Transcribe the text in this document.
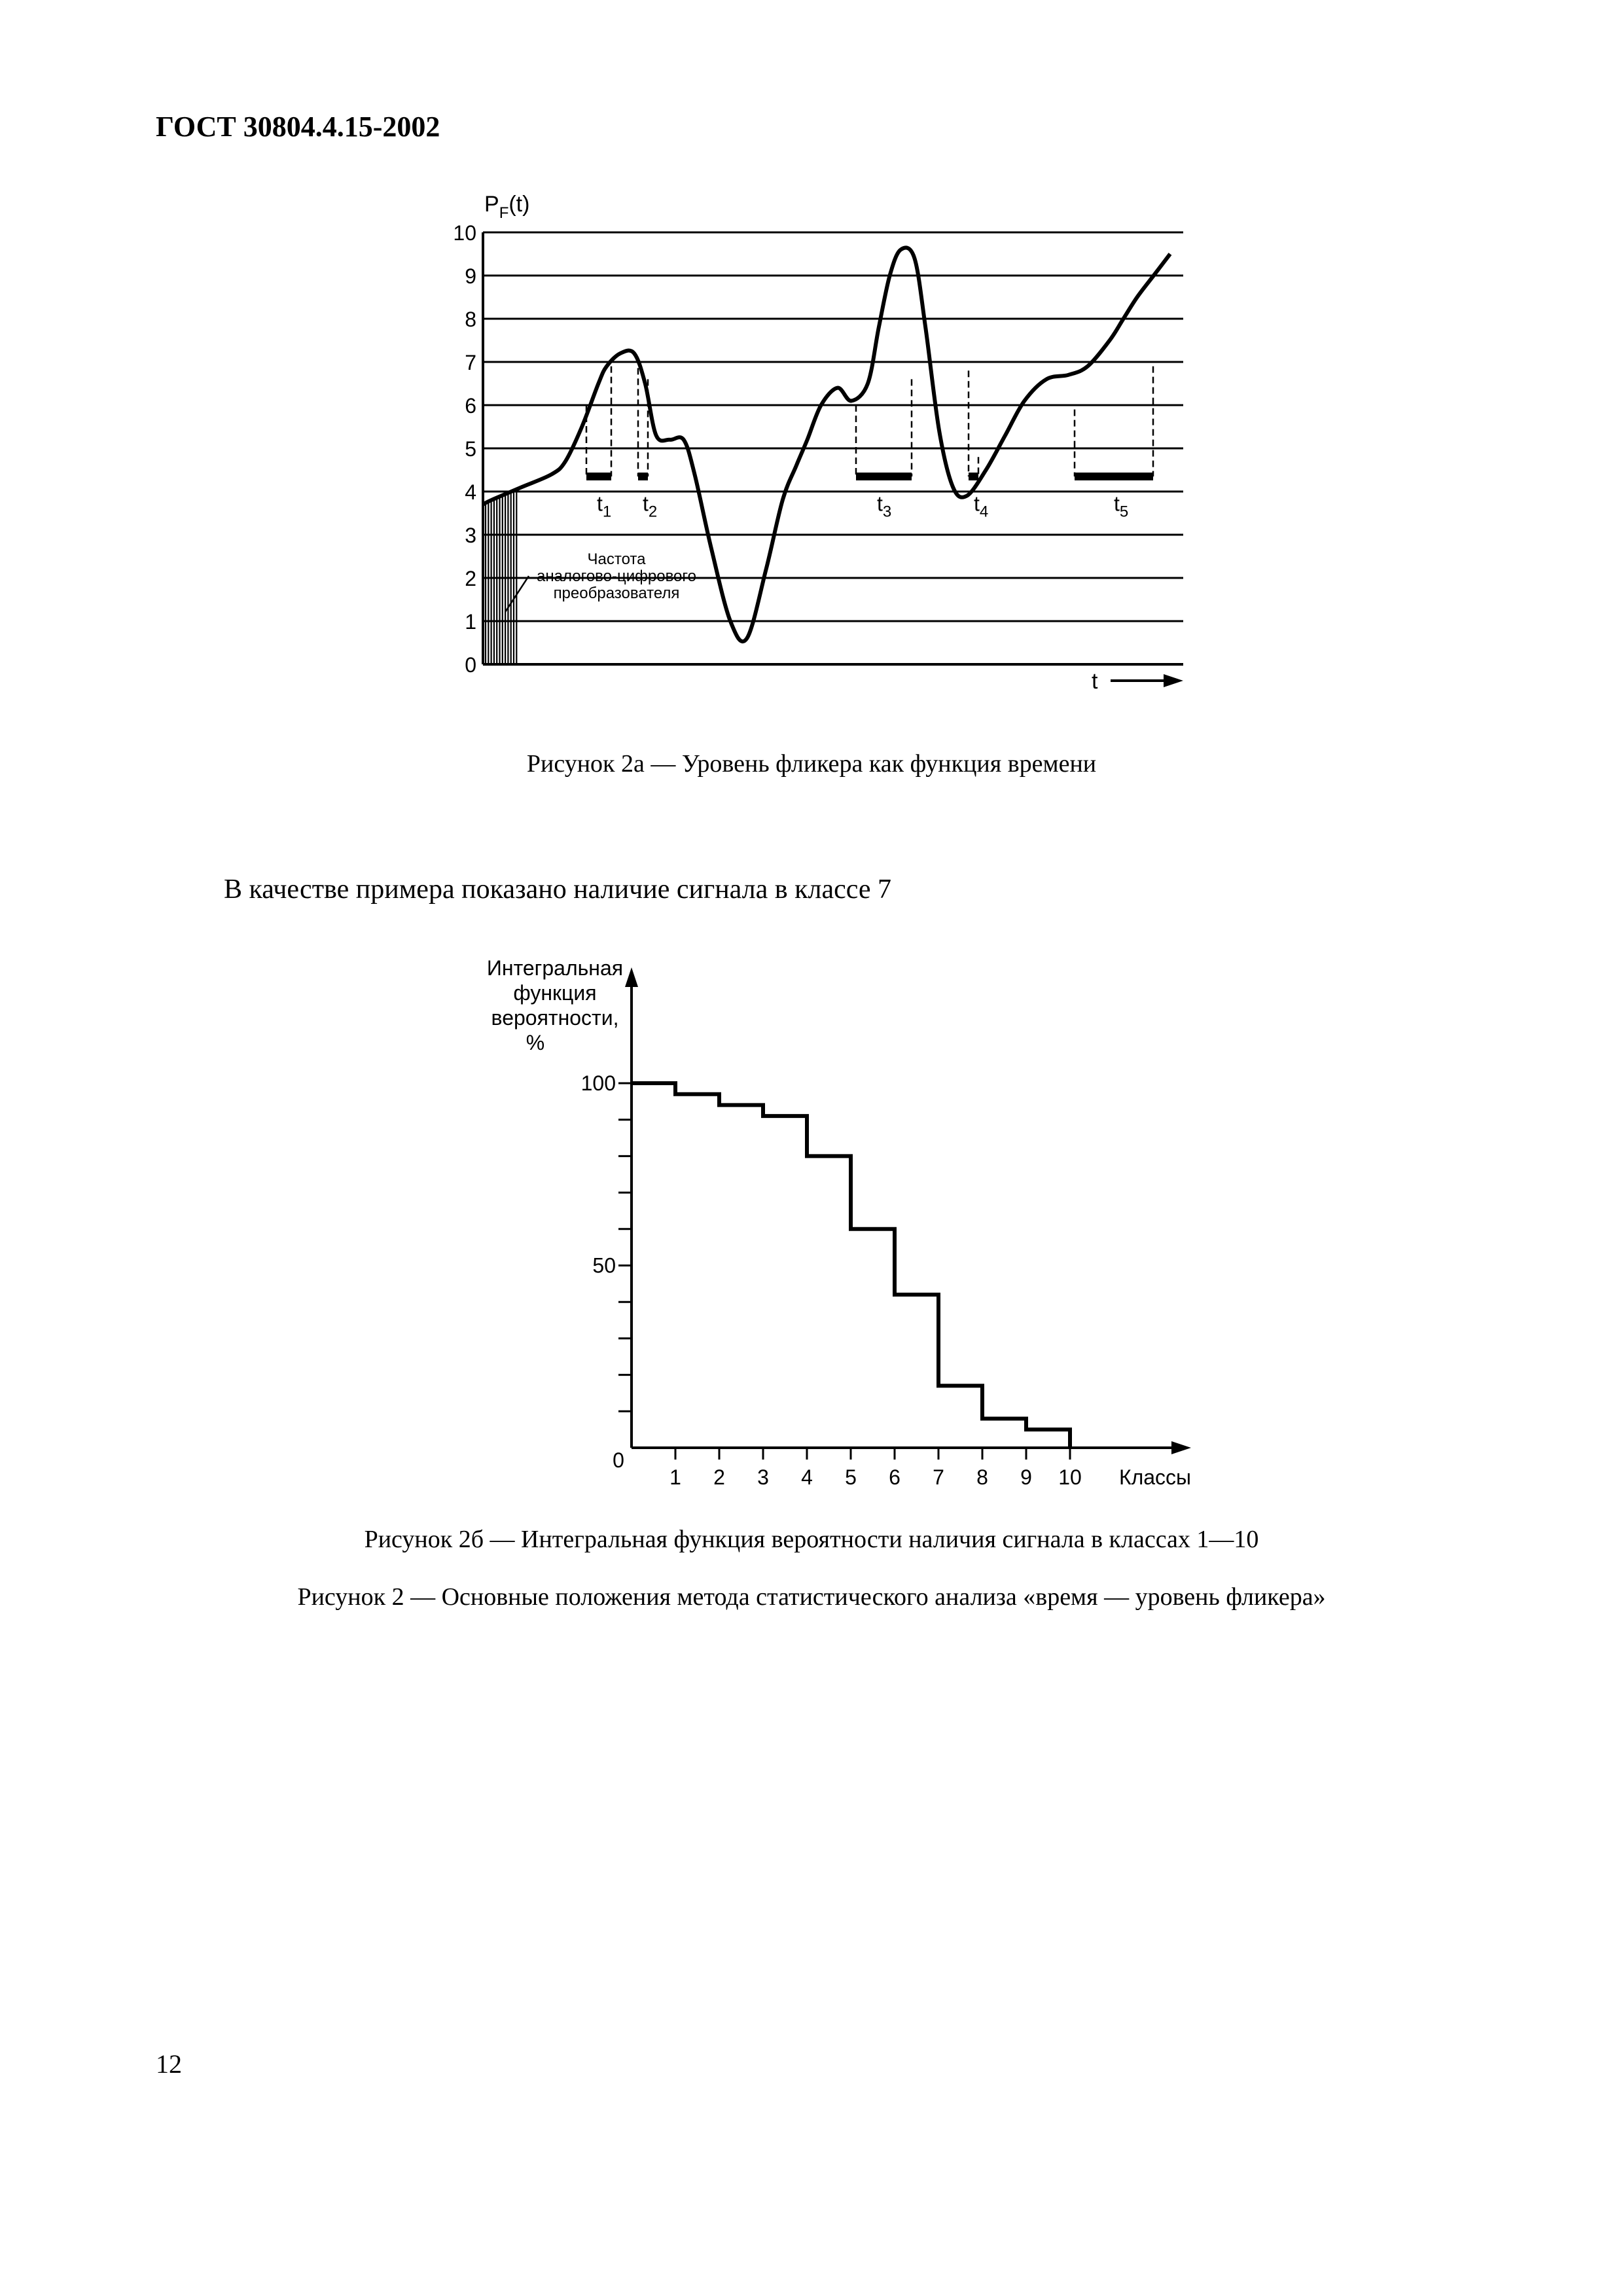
ГОСТ 30804.4.15-2002
0
1
2
3
4
5
6
7
8
9
10
$t_1$ $t_2$	$t_3$	$t_4$	$t_5$
$P_F(t)$
t
Частота
аналогово-цифрового
преобразователя
Рисунок 2а — Уровень фликера как функция времени
В качестве примера показано наличие сигнала в классе 7
Интегральная
функция
вероятности,
%
50
100
1 2 3 4 5 6 7 8 9 10
0
Классы
Рисунок 2б — Интегральная функция вероятности наличия сигнала в классах 1—10
Рисунок 2 — Основные положения метода статистического анализа «время — уровень фликера»
12
